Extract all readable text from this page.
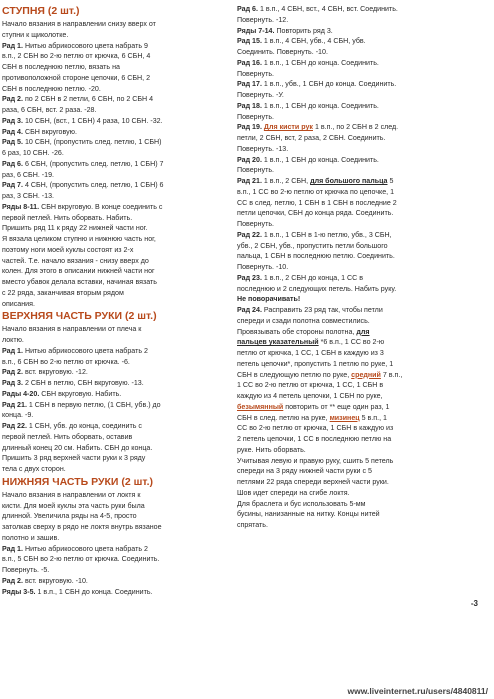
СТУПНЯ (2 шт.)
Начало вязания в направлении снизу вверх от
ступни к щиколотке.
Рад 1. Нитью абрикосового цвета набрать 9
в.п., 2 СБН во 2-ю петлю от крючка, 6 СБН, 4
СБН в последнюю петлю, вязать на
противоположной стороне цепочки, 6 СБН, 2
СБН в последнюю петлю. -20.
Рад 2. по 2 СБН в 2 петли, 6 СБН, по 2 СБН 4
раза, 6 СБН, вст. 2 раза. -28.
Рад 3. 10 СБН, (вст., 1 СБН) 4 раза, 10 СБН. -32.
Рад 4. СБН вкруговую.
Рад 5. 10 СБН, (пропустить след. петлю, 1 СБН)
6 раз, 10 СБН. -26.
Рад 6. 6 СБН, (пропустить след. петлю, 1 СБН) 7
раз, 6 СБН. -19.
Рад 7. 4 СБН, (пропустить след. петлю, 1 СБН) 6
раз, 3 СБН. -13.
Ряды 8-11. СБН вкруговую. В конце соединить с
первой петлей. Нить оборвать. Набить.
Пришить ряд 11 к ряду 22 нижней части ног.
Я вязала целиком ступню и нижнюю часть ног,
поэтому ноги моей куклы состоят из 2-х
частей. Т.е. начало вязания - снизу вверх до
колен. Для этого в описании нижней части ног
вместо убавок делала вставки, начиная вязать
с 22 ряда, заканчивая вторым рядом
описания.
ВЕРХНЯЯ ЧАСТЬ РУКИ (2 шт.)
Начало вязания в направлении от плеча к
локтю.
Рад 1. Нитью абрикосового цвета набрать 2
в.п., 6 СБН во 2-ю петлю от крючка. -6.
Рад 2. вст. вкруговую. -12.
Рад 3. 2 СБН в петлю, СБН вкруговую. -13.
Рады 4-20. СБН вкруговую. Набить.
Рад 21. 1 СБН в первую петлю, (1 СБН, убв.) до
конца. -9.
Рад 22. 1 СБН, убв. до конца, соединить с
первой петлей. Нить оборвать, оставив
длинный конец 20 см. Набить. СБН до конца.
Пришить 3 ряд верхней части руки к 3 ряду
тела с двух сторон.
НИЖНЯЯ ЧАСТЬ РУКИ (2 шт.)
Начало вязания в направлении от локтя к
кисти. Для моей куклы эта часть руки была
длинной. Увеличила ряды на 4-5, просто
затолкав сверху в рядо не локтя внутрь вязаное
полотно и зашив.
Рад 1. Нитью абрикосового цвета набрать 2
в.п., 5 СБН во 2-ю петлю от крючка. Соединить.
Повернуть. -5.
Рад 2. вст. вкруговую. -10.
Ряды 3-5. 1 в.п., 1 СБН до конца. Соединить.
Рад 6. 1 в.п., 4 СБН, вст., 4 СБН, вст. Соединить.
Повернуть. -12.
Ряды 7-14. Повторить ряд 3.
Рад 15. 1 в.п., 4 СБН, убв., 4 СБН, убв.
Соединить. Повернуть. -10.
Рад 16. 1 в.п., 1 СБН до конца. Соединить.
Повернуть.
Рад 17. 1 в.п., убв., 1 СБН до конца. Соединить.
Повернуть. -У.
Рад 18. 1 в.п., 1 СБН до конца. Соединить.
Повернуть.
Рад 19. Для кисти рук 1 в.п., по 2 СБН в 2 след.
петли, 2 СБН, вст, 2 раза, 2 СБН. Соединить.
Повернуть. -13.
Рад 20. 1 в.п., 1 СБН до конца. Соединить.
Повернуть.
Рад 21. 1 в.п., 2 СБН, для большого пальца 5
в.п., 1 СС во 2-ю петлю от крючка по цепочке, 1
СС в след. петлю, 1 СБН в 1 СБН в последние 2
петли цепочки, СБН до конца ряда. Соединить.
Повернуть.
Рад 22. 1 в.п., 1 СБН в 1-ю петлю, убв., 3 СБН,
убв., 2 СБН, убв., пропустить петли большого
пальца, 1 СБН в последнюю петлю. Соединить.
Повернуть. -10.
Рад 23. 1 в.п., 2 СБН до конца, 1 СС в
последнюю и 2 следующих петель. Набить руку.
Не поворачивать!
Рад 24. Расправить 23 ряд так, чтобы петли
спереди и сзади полотна совместились.
Провязывать обе стороны полотна, для
пальцев указательный *6 в.п., 1 СС во 2-ю
петлю от крючка, 1 СС, 1 СБН в каждую из 3
петель цепочки*, пропустить 1 петлю по руке, 1
СБН в следующую петлю по руке, средний 7 в.п.,
1 СС во 2-ю петлю от крючка, 1 СС, 1 СБН в
каждую из 4 петель цепочки, 1 СБН по руке,
безымянный повторить от ** еще один раз, 1
СБН в след. петлю на руке, мизинец 5 в.п., 1
СС во 2-ю петлю от крючка, 1 СБН в каждую из
2 петель цепочки, 1 СС в последнюю петлю на
руке. Нить оборвать.
Учитывая левую и правую руку, сшить 5 петель
спереди на 3 ряду нижней части руки с 5
петлями 22 ряда спереди верхней части руки.
Шов идет спереди на сгибе локтя.
Для браслета и бус использовать 5-мм
бусины, нанизанные на нитку. Концы нитей
спрятать.
-3
www.liveinternet.ru/users/4840811/
